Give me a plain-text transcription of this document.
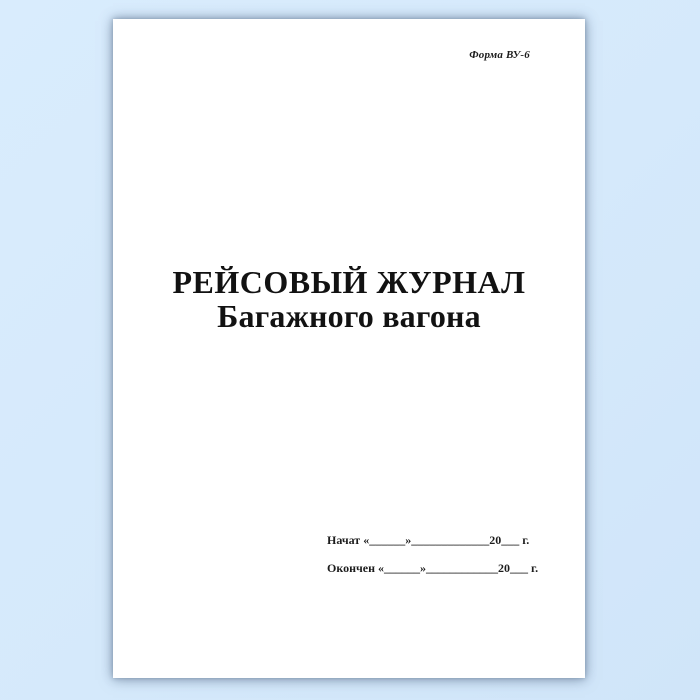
Форма ВУ-6
РЕЙСОВЫЙ ЖУРНАЛ
Багажного вагона
Начат «______»_____________20___ г.
Окончен «______»____________20___ г.
